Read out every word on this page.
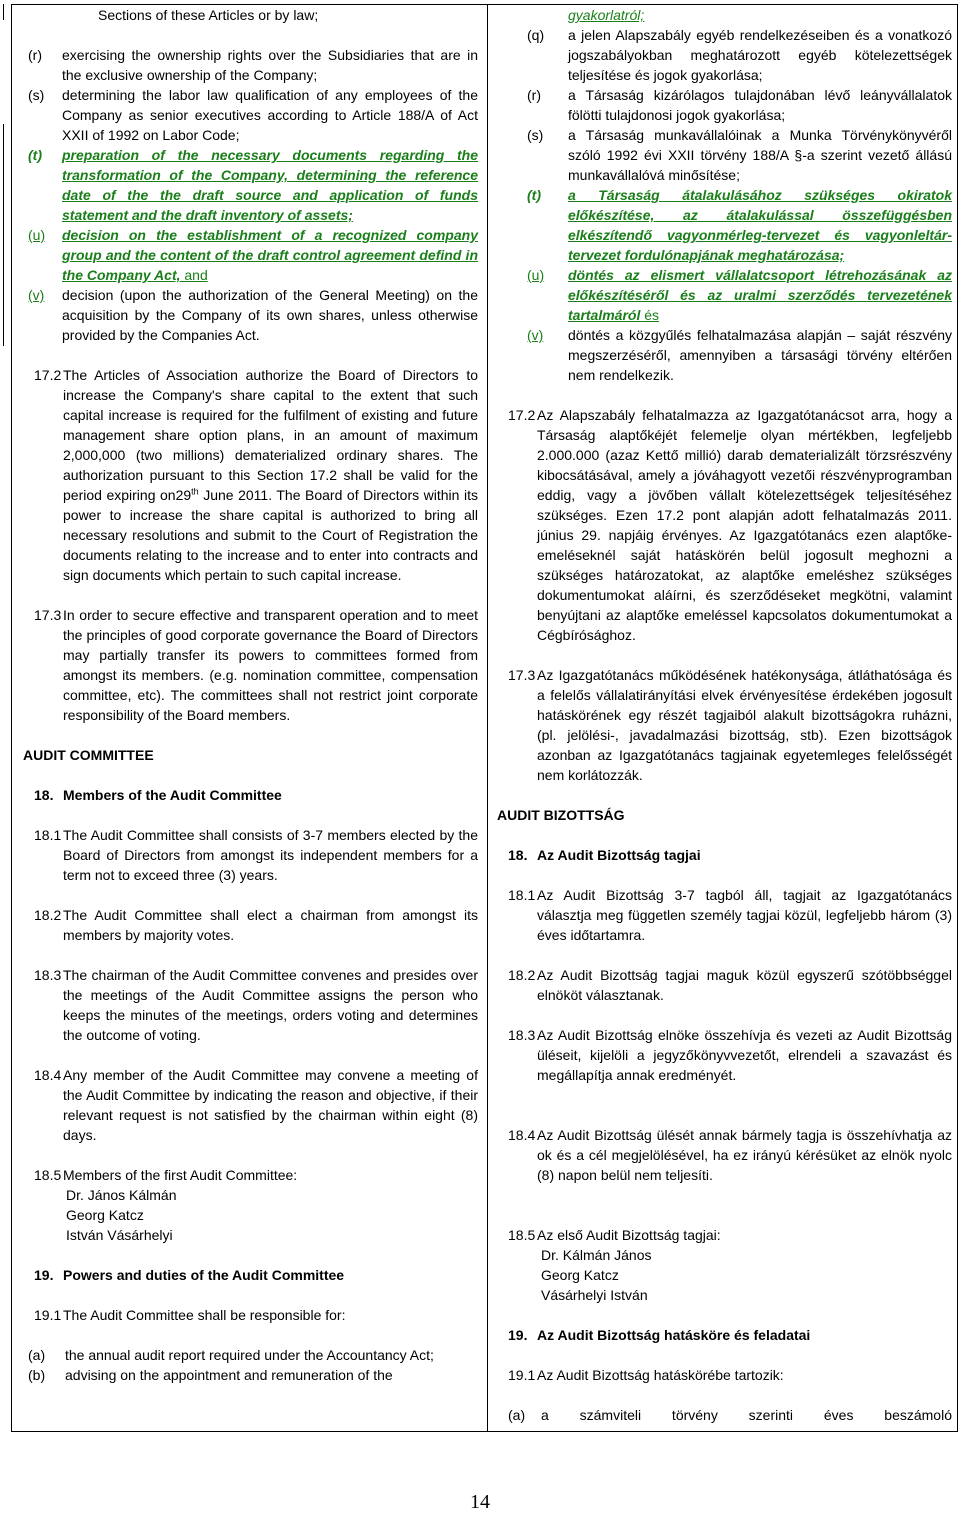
Sections of these Articles or by law;
(r)	exercising the ownership rights over the Subsidiaries that are in the exclusive ownership of the Company;
(s)	determining the labor law qualification of any employees of the Company as senior executives according to Article 188/A of Act XXII of 1992 on Labor Code;
(t)	preparation of the necessary documents regarding the transformation of the Company, determining the reference date of the the draft source and application of funds statement and the draft inventory of assets;
(u)	decision on the establishment of a recognized company group and the content of the draft control agreement defind in the Company Act, and
(v)	decision (upon the authorization of the General Meeting) on the acquisition by the Company of its own shares, unless otherwise provided by the Companies Act.
17.2 The Articles of Association authorize the Board of Directors to increase the Company's share capital to the extent that such capital increase is required for the fulfilment of existing and future management share option plans, in an amount of maximum 2,000,000 (two millions) dematerialized ordinary shares. The authorization pursuant to this Section 17.2 shall be valid for the period expiring on29th June 2011. The Board of Directors within its power to increase the share capital is authorized to bring all necessary resolutions and submit to the Court of Registration the documents relating to the increase and to enter into contracts and sign documents which pertain to such capital increase.
17.3 In order to secure effective and transparent operation and to meet the principles of good corporate governance the Board of Directors may partially transfer its powers to committees formed from amongst its members. (e.g. nomination committee, compensation committee, etc). The committees shall not restrict joint corporate responsibility of the Board members.
AUDIT COMMITTEE
18. Members of the Audit Committee
18.1 The Audit Committee shall consists of 3-7 members elected by the Board of Directors from amongst its independent members for a term not to exceed three (3) years.
18.2 The Audit Committee shall elect a chairman from amongst its members by majority votes.
18.3 The chairman of the Audit Committee convenes and presides over the meetings of the Audit Committee assigns the person who keeps the minutes of the meetings, orders voting and determines the outcome of voting.
18.4 Any member of the Audit Committee may convene a meeting of the Audit Committee by indicating the reason and objective, if their relevant request is not satisfied by the chairman within eight (8) days.
18.5 Members of the first Audit Committee:
Dr. János Kálmán
Georg Katcz
István Vásárhelyi
19. Powers and duties of the Audit Committee
19.1 The Audit Committee shall be responsible for:
(a)	the annual audit report required under the Accountancy Act;
(b)	advising on the appointment and remuneration of the
gyakorlatról;
(q)	a jelen Alapszabály egyéb rendelkezéseiben és a vonatkozó jogszabályokban meghatározott egyéb kötelezettségek teljesítése és jogok gyakorlása;
(r)	a Társaság kizárólagos tulajdonában lévő leányvállalatok fölötti tulajdonosi jogok gyakorlása;
(s)	a Társaság munkavállalóinak a Munka Törvénykönyvéről szóló 1992 évi XXII törvény 188/A §-a szerint vezető állású munkavállalóvá minősítése;
(t)	a Társaság átalakulásához szükséges okiratok előkészítése, az átalakulással összefüggésben elkészítendő vagyonmérleg-tervezet és vagyonleltár-tervezet fordulónapjának meghatározása;
(u)	döntés az elismert vállalatcsoport létrehozásának az előkészítéséről és az uralmi szerződés tervezetének tartalmáról és
(v)	döntés a közgyűlés felhatalmazása alapján – saját részvény megszerzéséről, amennyiben a társasági törvény eltérően nem rendelkezik.
17.2 Az Alapszabály felhatalmazza az Igazgatótanácsot arra, hogy a Társaság alaptőkéjét felemelje olyan mértékben, legfeljebb 2.000.000 (azaz Kettő millió) darab dematerializált törzsrészvény kibocsátásával, amely a jóváhagyott vezetői részvényprogramban eddig, vagy a jövőben vállalt kötelezettségek teljesítéséhez szükséges. Ezen 17.2 pont alapján adott felhatalmazás 2011. június 29. napjáig érvényes. Az Igazgatótanács ezen alaptőke-emeléseknél saját hatáskörén belül jogosult meghozni a szükséges határozatokat, az alaptőke emeléshez szükséges dokumentumokat aláírni, és szerződéseket megkötni, valamint benyújtani az alaptőke emeléssel kapcsolatos dokumentumokat a Cégbírósághoz.
17.3 Az Igazgatótanács működésének hatékonysága, átláthatósága és a felelős vállalatirányítási elvek érvényesítése érdekében jogosult hatáskörének egy részét tagjaiból alakult bizottságokra ruházni, (pl. jelölési-, javadalmazási bizottság, stb). Ezen bizottságok azonban az Igazgatótanács tagjainak egyetemleges felelősségét nem korlátozzák.
AUDIT BIZOTTSÁG
18. Az Audit Bizottság tagjai
18.1 Az Audit Bizottság 3-7 tagból áll, tagjait az Igazgatótanács választja meg független személy tagjai közül, legfeljebb három (3) éves időtartamra.
18.2 Az Audit Bizottság tagjai maguk közül egyszerű szótöbbséggel elnököt választanak.
18.3 Az Audit Bizottság elnöke összehívja és vezeti az Audit Bizottság üléseit, kijelöli a jegyzőkönyvvezetőt, elrendeli a szavazást és megállapítja annak eredményét.
18.4 Az Audit Bizottság ülését annak bármely tagja is összehívhatja az ok és a cél megjelölésével, ha ez irányú kérésüket az elnök nyolc (8) napon belül nem teljesíti.
18.5 Az első Audit Bizottság tagjai:
Dr. Kálmán János
Georg Katcz
Vásárhelyi István
19. Az Audit Bizottság hatásköre és feladatai
19.1 Az Audit Bizottság hatáskörébe tartozik:
(a)	a számviteli törvény szerinti éves beszámoló
14
